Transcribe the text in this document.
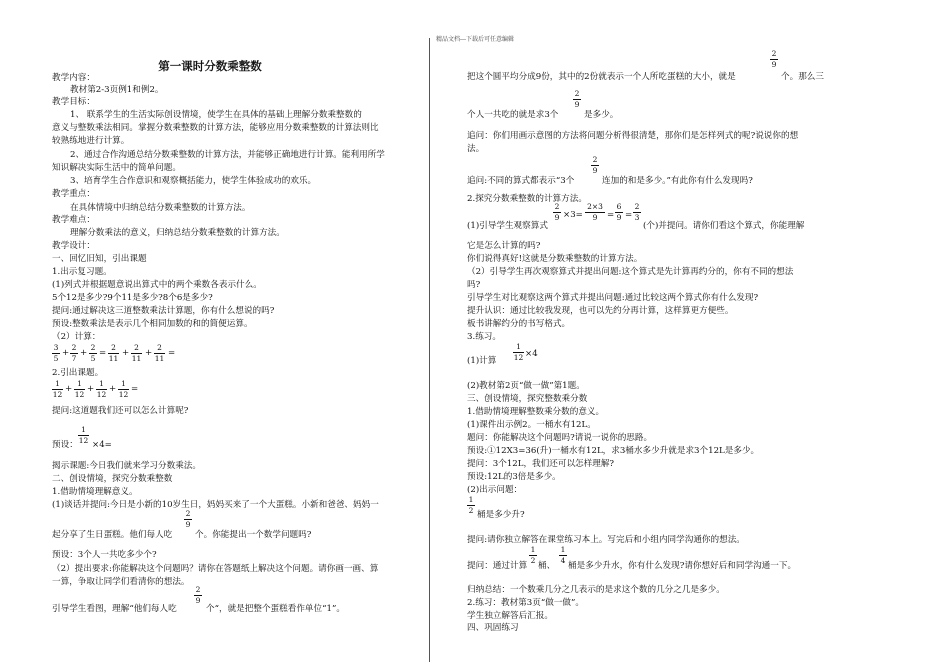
精品文档---下载后可任意编辑
第一课时分数乘整数
教学内容：
教材第2-3页例1和例2。
教学目标：
1、 联系学生的生活实际创设情境，使学生在具体的基础上理解分数乘整数的
意义与整数乘法相同。掌握分数乘整数的计算方法，能够应用分数乘整数的计算法则比
较熟练地进行计算。
2、通过合作沟通总结分数乘整数的计算方法，并能够正确地进行计算。能利用所学
知识解决实际生活中的简单问题。
3、培育学生合作意识和观察概括能力，使学生体验成功的欢乐。
教学重点：
在具体情境中归纳总结分数乘整数的计算方法。
教学难点：
理解分数乘法的意义，归纳总结分数乘整数的计算方法。
教学设计：
一、回忆旧知，引出课题
1.出示复习题。
(1)列式并根据题意说出算式中的两个乘数各表示什么。
5个12是多少?9个11是多少?8个6是多少?
提问:通过解决这三道整数乘法计算题，你有什么想说的吗?
预设:整数乘法是表示几个相同加数的和的简便运算。
（2）计算：
3
5
+
2
7
+
2
5
=
2
11
+
2
11
+
2
11
=
2.引出课题。
1
12
+
1
12
+
1
12
+
1
12
=
提问:这道题我们还可以怎么计算呢?
1
12
预设： ×4=
揭示课题:今日我们就来学习分数乘法。
二、创设情境，探究分数乘整数
1.借助情境理解意义。
(1)谈话并提问:今日是小新的10岁生日，妈妈买来了一个大蛋糕。小新和爸爸、妈妈一
2
9
起分享了生日蛋糕。他们每人吃	个。你能提出一个数学问题吗?
预设：3个人一共吃多少个?
（2）提出要求:你能解决这个问题吗？请你在答题纸上解决这个问题。请你画一画、算
一算，争取让同学们看清你的想法。
2
9
引导学生看图，理解“他们每人吃	个“，就是把整个蛋糕看作单位“1”。
2
9
把这个圆平均分成9份，其中的2份就表示一个人所吃蛋糕的大小，就是	个。那么三
2
9
个人一共吃的就是求3个	是多少。
追问：你们用画示意图的方法将问题分析得很清楚，那你们是怎样列式的呢?说说你的想
法。
2
9
追问:不同的算式都表示“3个	连加的和是多少。”有此你有什么发现吗?
2.探究分数乘整数的计算方法。
2
9 ×3=
2×3
9	=
6
9 =
2
3
(1)引导学生观察算式	(个)并提问。请你们看这个算式，你能理解
它是怎么计算的吗?
你们说得真好!这就是分数乘整数的计算方法。
（2）引导学生再次观察算式并提出问题:这个算式是先计算再约分的，你有不同的想法
吗?
引导学生对比观察这两个算式并提出问题:通过比较这两个算式你有什么发现?
提升认识：通过比较我发现，也可以先约分再计算，这样算更方便些。
板书讲解约分的书写格式。
3.练习。
1
12
(1)计算
×4
(2)教材第2页“做一做”第1题。
三、创设情境，探究整数乘分数
1.借助情境理解整数乘分数的意义。
(1)课件出示例2。一桶水有12L。
题问：你能解决这个问题吗?请说一说你的思路。
预设:①12X3=36(升)一桶水有12L，求3桶水多少升就是求3个12L是多少。
提问：3个12L，我们还可以怎样理解?
预设:12L的3倍是多少。
(2)出示问题：
1
2 桶是多少升?
提问:请你独立解答在课堂练习本上。写完后和小组内同学沟通你的想法。
1
2
提问：通过计算 桶、
1
4
桶是多少升水，你有什么发现?请你想好后和同学沟通一下。
归纳总结：一个数乘几分之几表示的是求这个数的几分之几是多少。
2.练习：教材第3页“做一做”。
学生独立解答后汇报。
四、巩固练习
